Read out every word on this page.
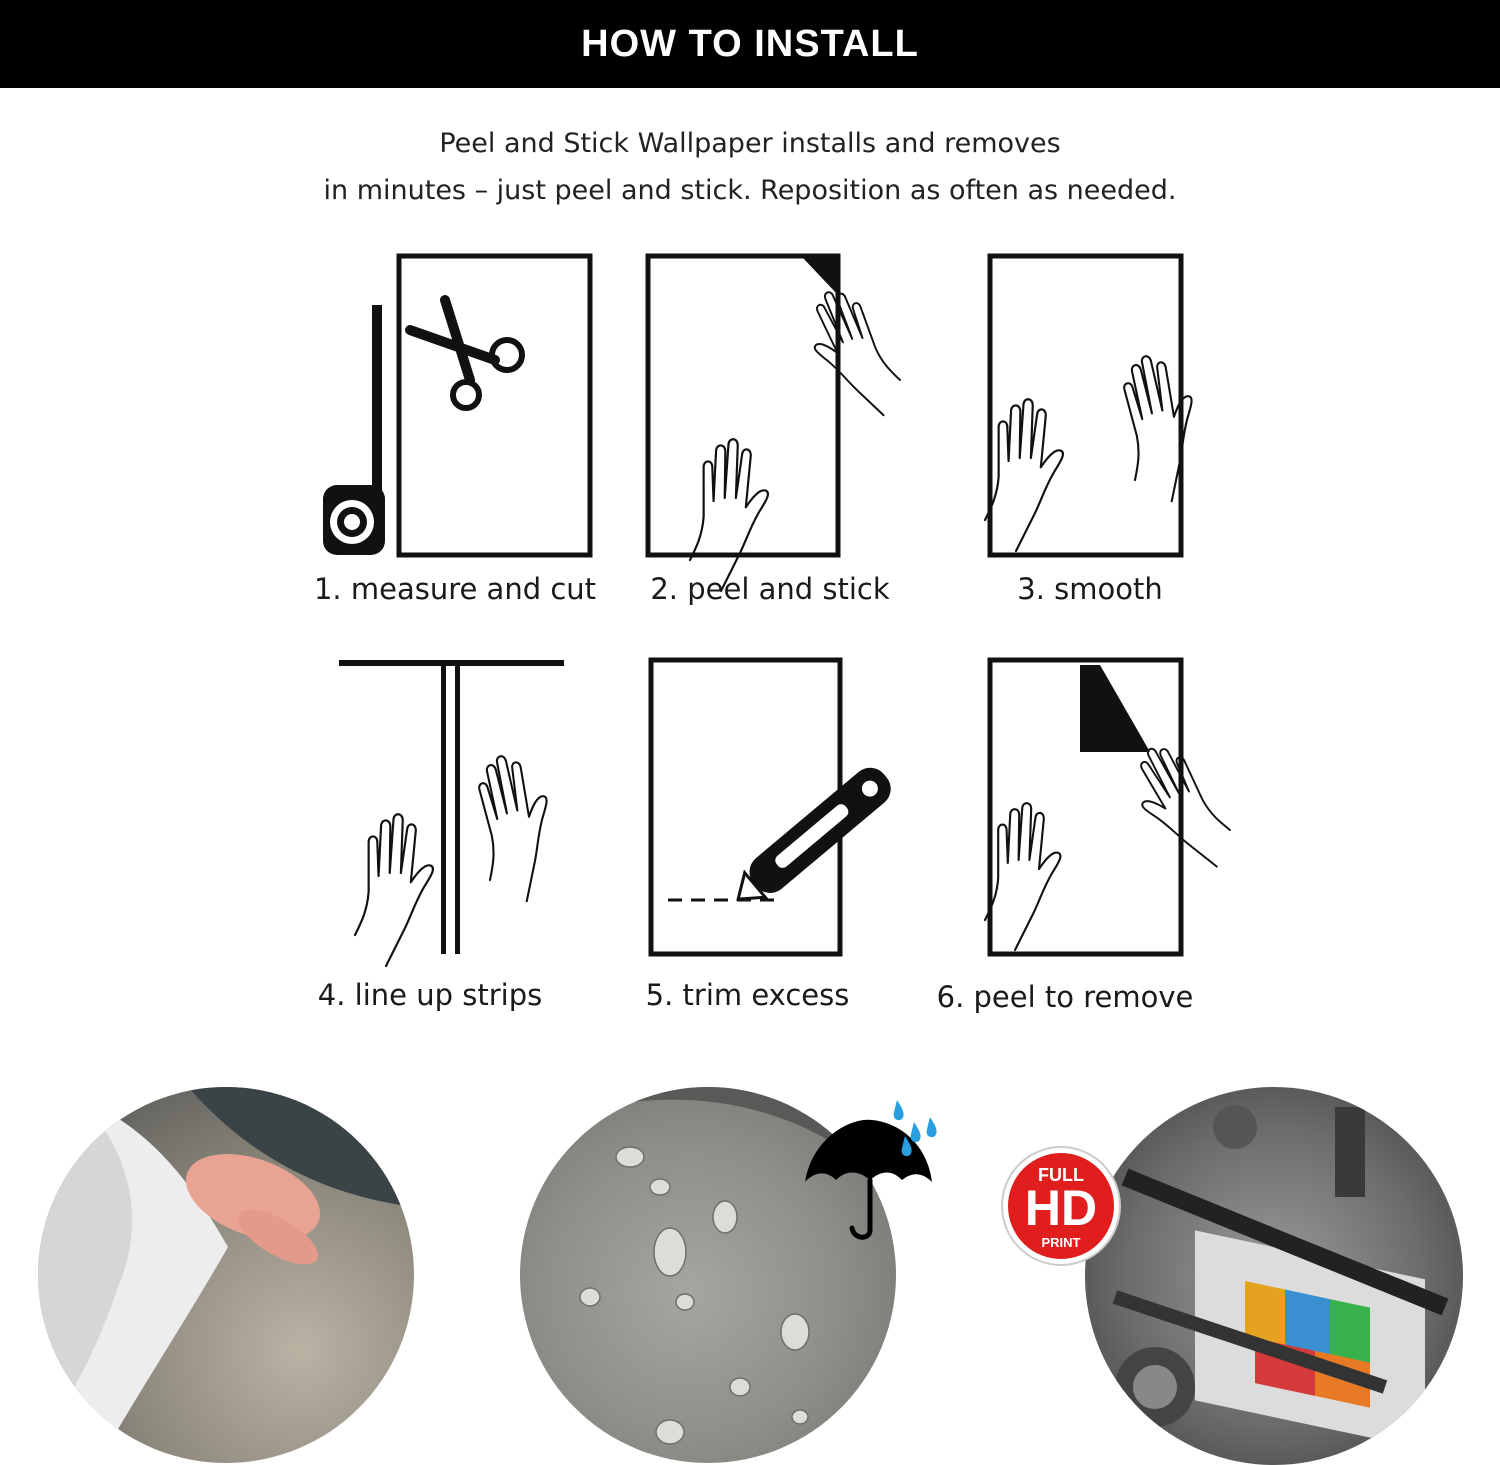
HOW TO INSTALL
Peel and Stick Wallpaper installs and removes
in minutes – just peel and stick. Reposition as often as needed.
1. measure and cut	2. peel and stick	3. smooth
4. line up strips	5. trim excess	6. peel to remove
FULL
HD
PRINT
